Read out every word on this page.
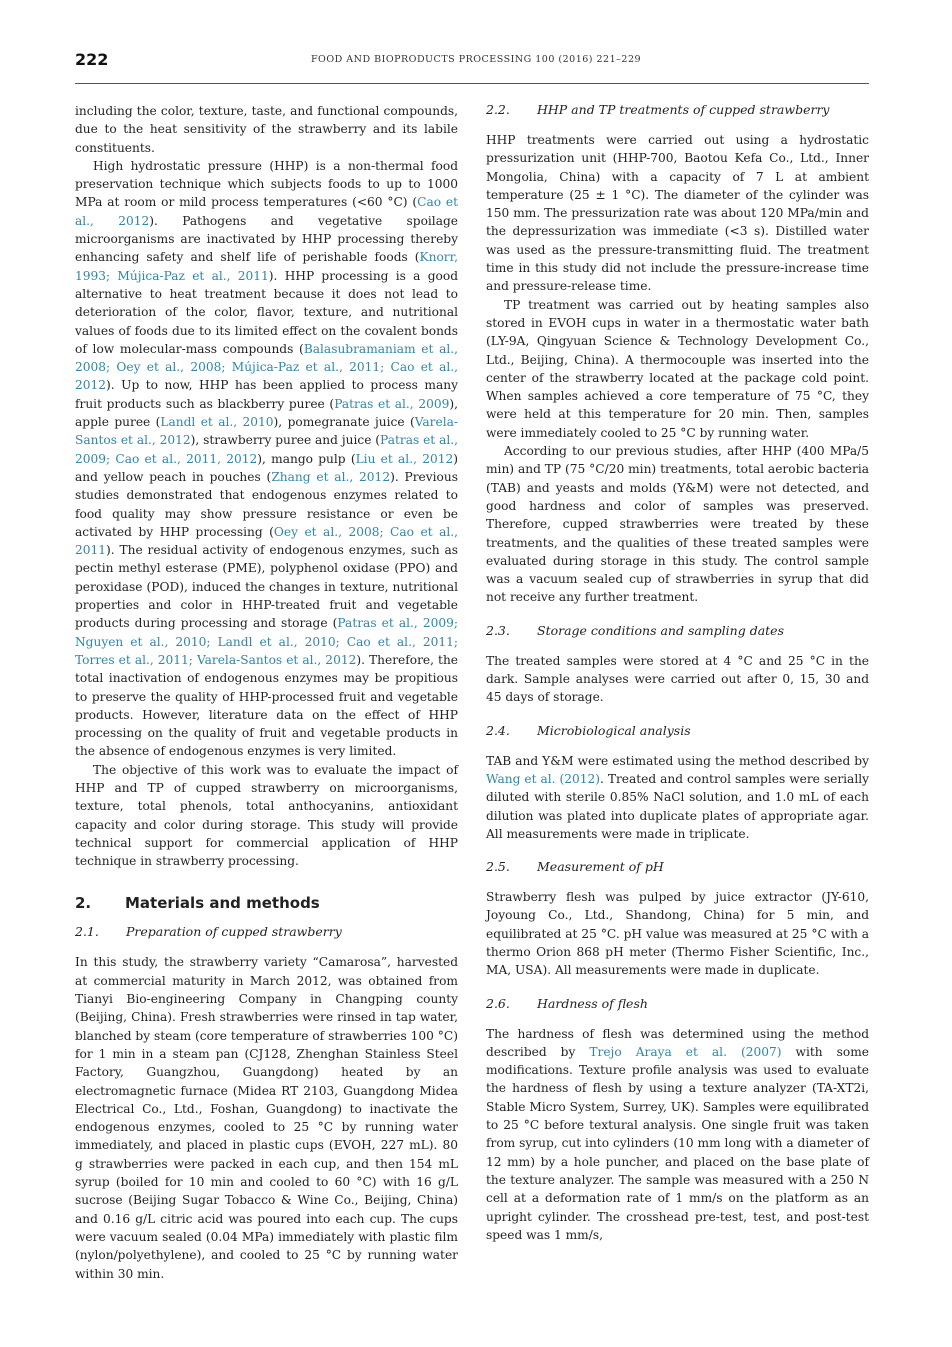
222	FOOD AND BIOPRODUCTS PROCESSING 100 (2016) 221–229

including the color, texture, taste, and functional compounds, due to the heat sensitivity of the strawberry and its labile constituents.

High hydrostatic pressure (HHP) is a non-thermal food preservation technique which subjects foods to up to 1000 MPa at room or mild process temperatures (<60 °C) (Cao et al., 2012). Pathogens and vegetative spoilage microorganisms are inactivated by HHP processing thereby enhancing safety and shelf life of perishable foods (Knorr, 1993; Mújica-Paz et al., 2011). HHP processing is a good alternative to heat treatment because it does not lead to deterioration of the color, flavor, texture, and nutritional values of foods due to its limited effect on the covalent bonds of low molecular-mass compounds (Balasubramaniam et al., 2008; Oey et al., 2008; Mújica-Paz et al., 2011; Cao et al., 2012). Up to now, HHP has been applied to process many fruit products such as blackberry puree (Patras et al., 2009), apple puree (Landl et al., 2010), pomegranate juice (Varela-Santos et al., 2012), strawberry puree and juice (Patras et al., 2009; Cao et al., 2011, 2012), mango pulp (Liu et al., 2012) and yellow peach in pouches (Zhang et al., 2012). Previous studies demonstrated that endogenous enzymes related to food quality may show pressure resistance or even be activated by HHP processing (Oey et al., 2008; Cao et al., 2011). The residual activity of endogenous enzymes, such as pectin methyl esterase (PME), polyphenol oxidase (PPO) and peroxidase (POD), induced the changes in texture, nutritional properties and color in HHP-treated fruit and vegetable products during processing and storage (Patras et al., 2009; Nguyen et al., 2010; Landl et al., 2010; Cao et al., 2011; Torres et al., 2011; Varela-Santos et al., 2012). Therefore, the total inactivation of endogenous enzymes may be propitious to preserve the quality of HHP-processed fruit and vegetable products. However, literature data on the effect of HHP processing on the quality of fruit and vegetable products in the absence of endogenous enzymes is very limited.

The objective of this work was to evaluate the impact of HHP and TP of cupped strawberry on microorganisms, texture, total phenols, total anthocyanins, antioxidant capacity and color during storage. This study will provide technical support for commercial application of HHP technique in strawberry processing.

2.	Materials and methods
2.1.	Preparation of cupped strawberry

In this study, the strawberry variety “Camarosa”, harvested at commercial maturity in March 2012, was obtained from Tianyi Bio-engineering Company in Changping county (Beijing, China). Fresh strawberries were rinsed in tap water, blanched by steam (core temperature of strawberries 100 °C) for 1 min in a steam pan (CJ128, Zhenghan Stainless Steel Factory, Guangzhou, Guangdong) heated by an electromagnetic furnace (Midea RT 2103, Guangdong Midea Electrical Co., Ltd., Foshan, Guangdong) to inactivate the endogenous enzymes, cooled to 25 °C by running water immediately, and placed in plastic cups (EVOH, 227 mL). 80 g strawberries were packed in each cup, and then 154 mL syrup (boiled for 10 min and cooled to 60 °C) with 16 g/L sucrose (Beijing Sugar Tobacco & Wine Co., Beijing, China) and 0.16 g/L citric acid was poured into each cup. The cups were vacuum sealed (0.04 MPa) immediately with plastic film (nylon/polyethylene), and cooled to 25 °C by running water within 30 min.

2.2.	HHP and TP treatments of cupped strawberry

HHP treatments were carried out using a hydrostatic pressurization unit (HHP-700, Baotou Kefa Co., Ltd., Inner Mongolia, China) with a capacity of 7 L at ambient temperature (25 ± 1 °C). The diameter of the cylinder was 150 mm. The pressurization rate was about 120 MPa/min and the depressurization was immediate (<3 s). Distilled water was used as the pressure-transmitting fluid. The treatment time in this study did not include the pressure-increase time and pressure-release time.

TP treatment was carried out by heating samples also stored in EVOH cups in water in a thermostatic water bath (LY-9A, Qingyuan Science & Technology Development Co., Ltd., Beijing, China). A thermocouple was inserted into the center of the strawberry located at the package cold point. When samples achieved a core temperature of 75 °C, they were held at this temperature for 20 min. Then, samples were immediately cooled to 25 °C by running water.

According to our previous studies, after HHP (400 MPa/5 min) and TP (75 °C/20 min) treatments, total aerobic bacteria (TAB) and yeasts and molds (Y&M) were not detected, and good hardness and color of samples was preserved. Therefore, cupped strawberries were treated by these treatments, and the qualities of these treated samples were evaluated during storage in this study. The control sample was a vacuum sealed cup of strawberries in syrup that did not receive any further treatment.

2.3.	Storage conditions and sampling dates

The treated samples were stored at 4 °C and 25 °C in the dark. Sample analyses were carried out after 0, 15, 30 and 45 days of storage.

2.4.	Microbiological analysis

TAB and Y&M were estimated using the method described by Wang et al. (2012). Treated and control samples were serially diluted with sterile 0.85% NaCl solution, and 1.0 mL of each dilution was plated into duplicate plates of appropriate agar. All measurements were made in triplicate.

2.5.	Measurement of pH

Strawberry flesh was pulped by juice extractor (JY-610, Joyoung Co., Ltd., Shandong, China) for 5 min, and equilibrated at 25 °C. pH value was measured at 25 °C with a thermo Orion 868 pH meter (Thermo Fisher Scientific, Inc., MA, USA). All measurements were made in duplicate.

2.6.	Hardness of flesh

The hardness of flesh was determined using the method described by Trejo Araya et al. (2007) with some modifications. Texture profile analysis was used to evaluate the hardness of flesh by using a texture analyzer (TA-XT2i, Stable Micro System, Surrey, UK). Samples were equilibrated to 25 °C before textural analysis. One single fruit was taken from syrup, cut into cylinders (10 mm long with a diameter of 12 mm) by a hole puncher, and placed on the base plate of the texture analyzer. The sample was measured with a 250 N cell at a deformation rate of 1 mm/s on the platform as an upright cylinder. The crosshead pre-test, test, and post-test speed was 1 mm/s,
